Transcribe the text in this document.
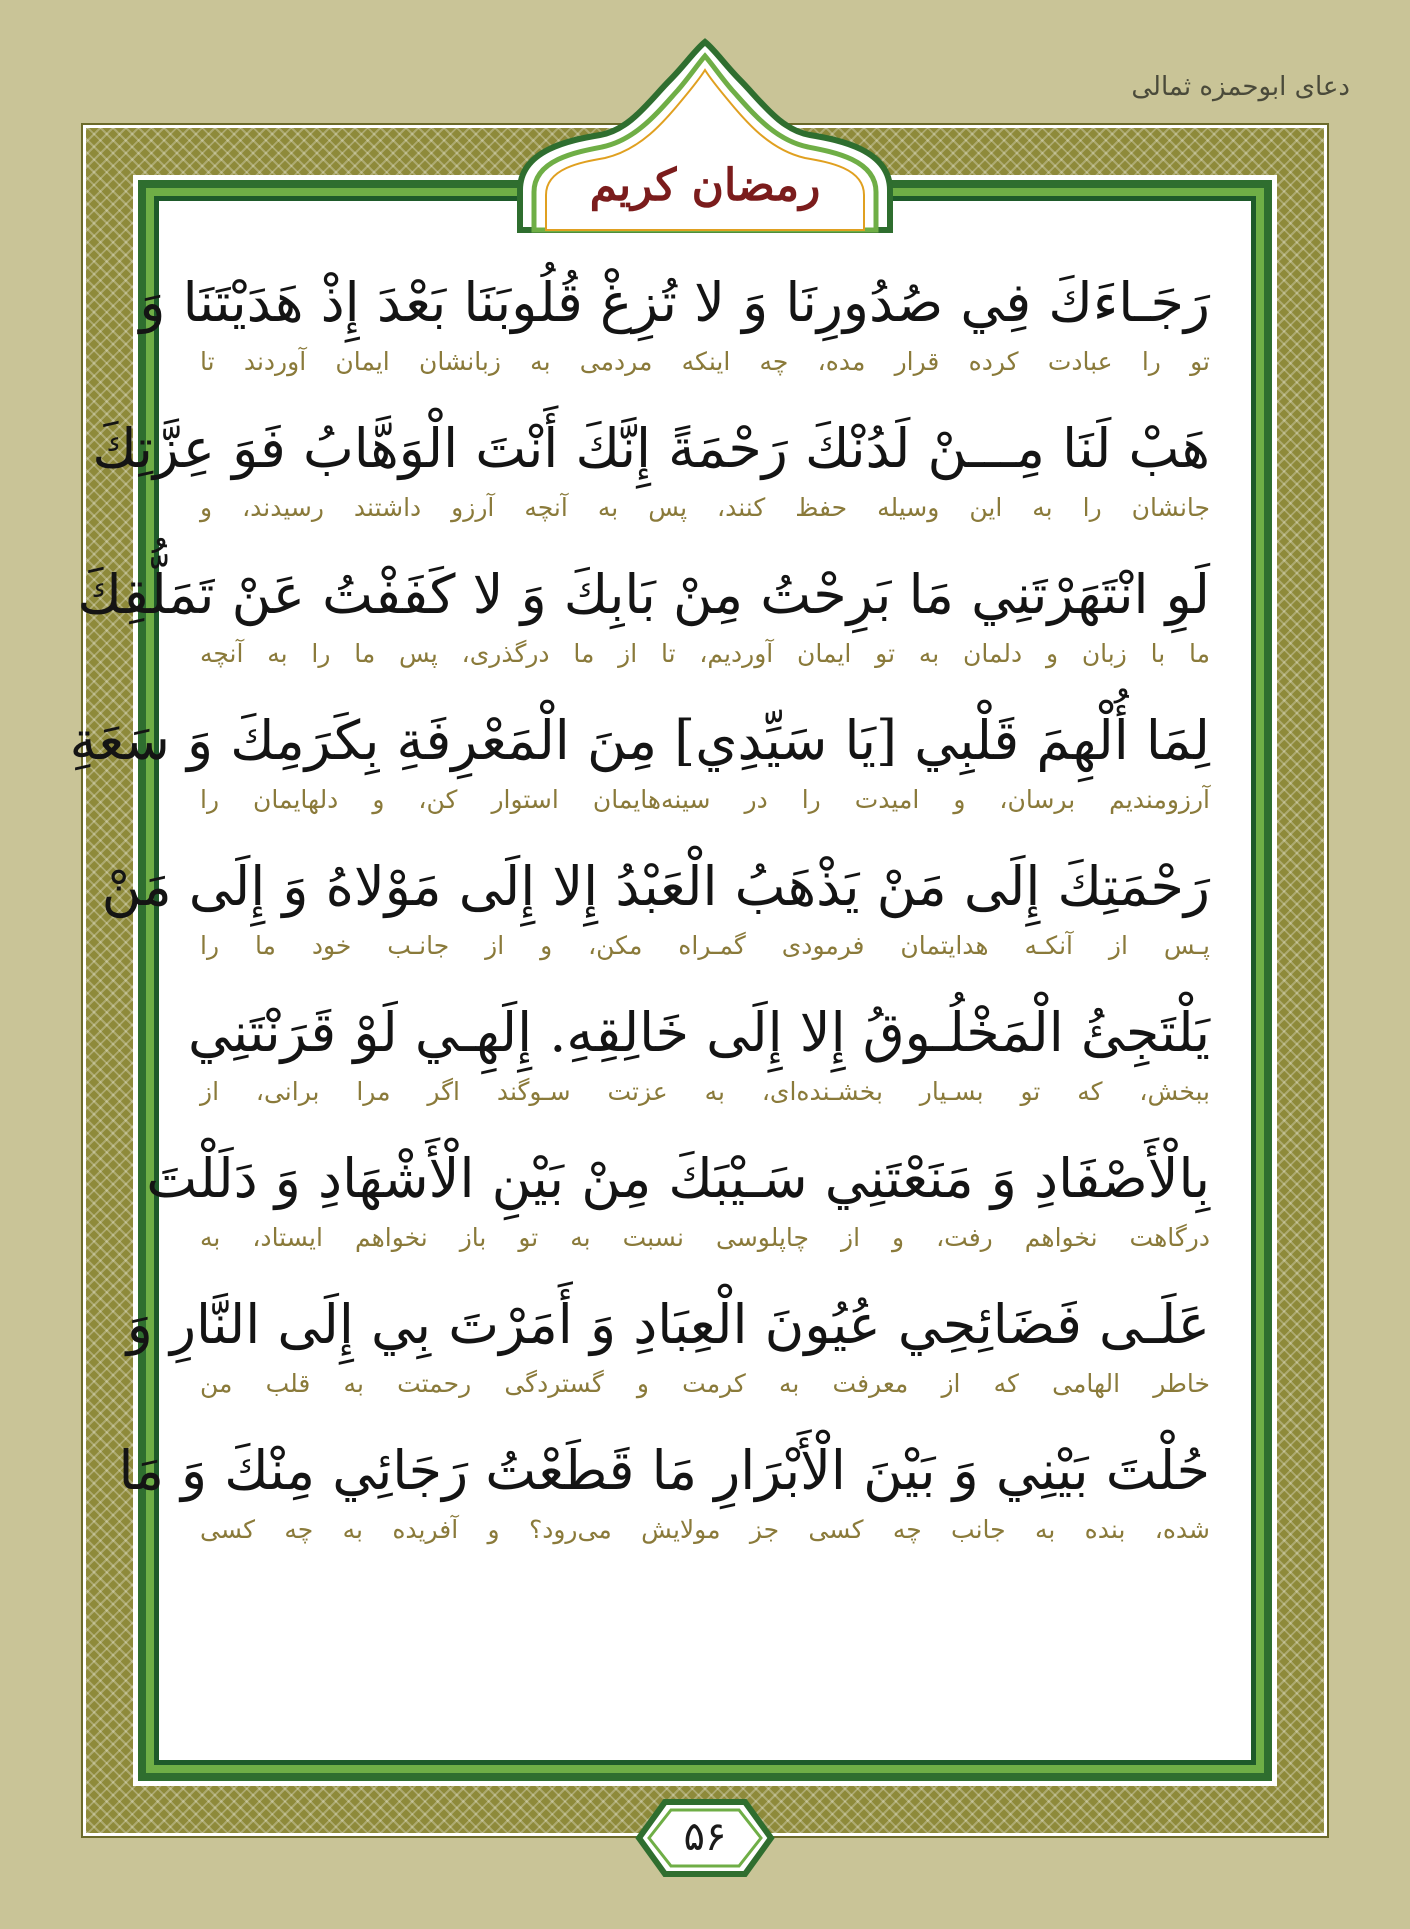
دعای ابوحمزه ثمالی
رمضان کریم
رَجَـاءَكَ فِي صُدُورِنَا وَ لا تُزِغْ قُلُوبَنَا بَعْدَ إِذْ هَدَيْتَنَا وَ
تو را عبادت کرده قرار مده، چه اینکه مردمی به زبانشان ایمان آوردند تا
هَبْ لَنَا مِـــنْ لَدُنْكَ رَحْمَةً إِنَّكَ أَنْتَ الْوَهَّابُ فَوَ عِزَّتِكَ
جانشان را به این وسیله حفظ کنند، پس به آنچه آرزو داشتند رسیدند، و
لَوِ انْتَهَرْتَنِي مَا بَرِحْتُ مِنْ بَابِكَ وَ لا كَفَفْتُ عَنْ تَمَلُّقِكَ
ما با زبان و دلمان به تو ایمان آوردیم، تا از ما درگذری، پس ما را به آنچه
لِمَا أُلْهِمَ قَلْبِي [يَا سَيِّدِي] مِنَ الْمَعْرِفَةِ بِكَرَمِكَ وَ سَعَةِ
آرزومندیم برسان، و امیدت را در سینه‌هایمان استوار کن، و دلهایمان را
رَحْمَتِكَ إِلَى مَنْ يَذْهَبُ الْعَبْدُ إِلا إِلَى مَوْلاهُ وَ إِلَى مَنْ
پـس از آنکـه هدایتمان فرمودی گمـراه مکن، و از جانـب خود ما را
يَلْتَجِئُ الْمَخْلُـوقُ إِلا إِلَى خَالِقِهِ. إِلَهِـي لَوْ قَرَنْتَنِي
ببخش، که تو بسـیار بخشـنده‌ای، به عزتت سـوگند اگر مرا برانی، از
بِالْأَصْفَادِ وَ مَنَعْتَنِي سَـيْبَكَ مِنْ بَيْنِ الْأَشْهَادِ وَ دَلَلْتَ
درگاهت نخواهم رفت، و از چاپلوسی نسبت به تو باز نخواهم ایستاد، به
عَلَـى فَضَائِحِي عُيُونَ الْعِبَادِ وَ أَمَرْتَ بِي إِلَى النَّارِ وَ
خاطر الهامی که از معرفت به کرمت و گستردگی رحمتت به قلب من
حُلْتَ بَيْنِي وَ بَيْنَ الْأَبْرَارِ مَا قَطَعْتُ رَجَائِي مِنْكَ وَ مَا
شده، بنده به جانب چه کسی جز مولایش می‌رود؟ و آفریده به چه کسی
۵۶
